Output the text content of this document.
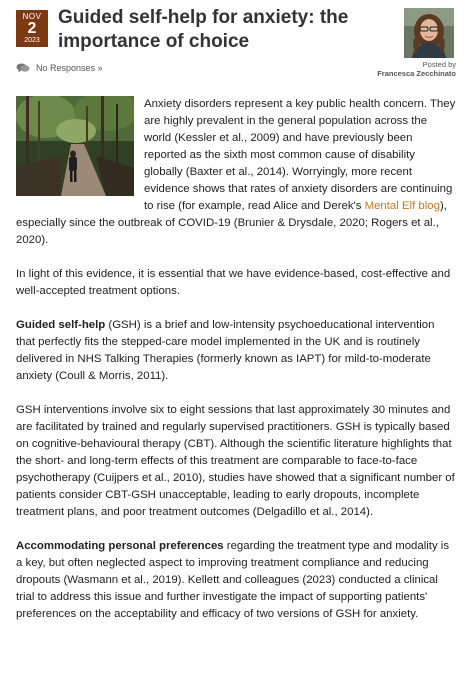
NOV
2
2023
Guided self-help for anxiety: the importance of choice
No Responses »	Posted by
Francesca Zecchinato

Anxiety disorders represent a key public health concern. They are highly prevalent in the general population across the world (Kessler et al., 2009) and have previously been reported as the sixth most common cause of disability globally (Baxter et al., 2014). Worryingly, more recent evidence shows that rates of anxiety disorders are continuing to rise (for example, read Alice and Derek's Mental Elf blog), especially since the outbreak of COVID-19 (Brunier & Drysdale, 2020; Rogers et al., 2020).

In light of this evidence, it is essential that we have evidence-based, cost-effective and well-accepted treatment options.

Guided self-help (GSH) is a brief and low-intensity psychoeducational intervention that perfectly fits the stepped-care model implemented in the UK and is routinely delivered in NHS Talking Therapies (formerly known as IAPT) for mild-to-moderate anxiety (Coull & Morris, 2011).

GSH interventions involve six to eight sessions that last approximately 30 minutes and are facilitated by trained and regularly supervised practitioners. GSH is typically based on cognitive-behavioural therapy (CBT). Although the scientific literature highlights that the short- and long-term effects of this treatment are comparable to face-to-face psychotherapy (Cuijpers et al., 2010), studies have showed that a significant number of patients consider CBT-GSH unacceptable, leading to early dropouts, incomplete treatment plans, and poor treatment outcomes (Delgadillo et al., 2014).

Accommodating personal preferences regarding the treatment type and modality is a key, but often neglected aspect to improving treatment compliance and reducing dropouts (Wasmann et al., 2019). Kellett and colleagues (2023) conducted a clinical trial to address this issue and further investigate the impact of supporting patients' preferences on the acceptability and efficacy of two versions of GSH for anxiety.
